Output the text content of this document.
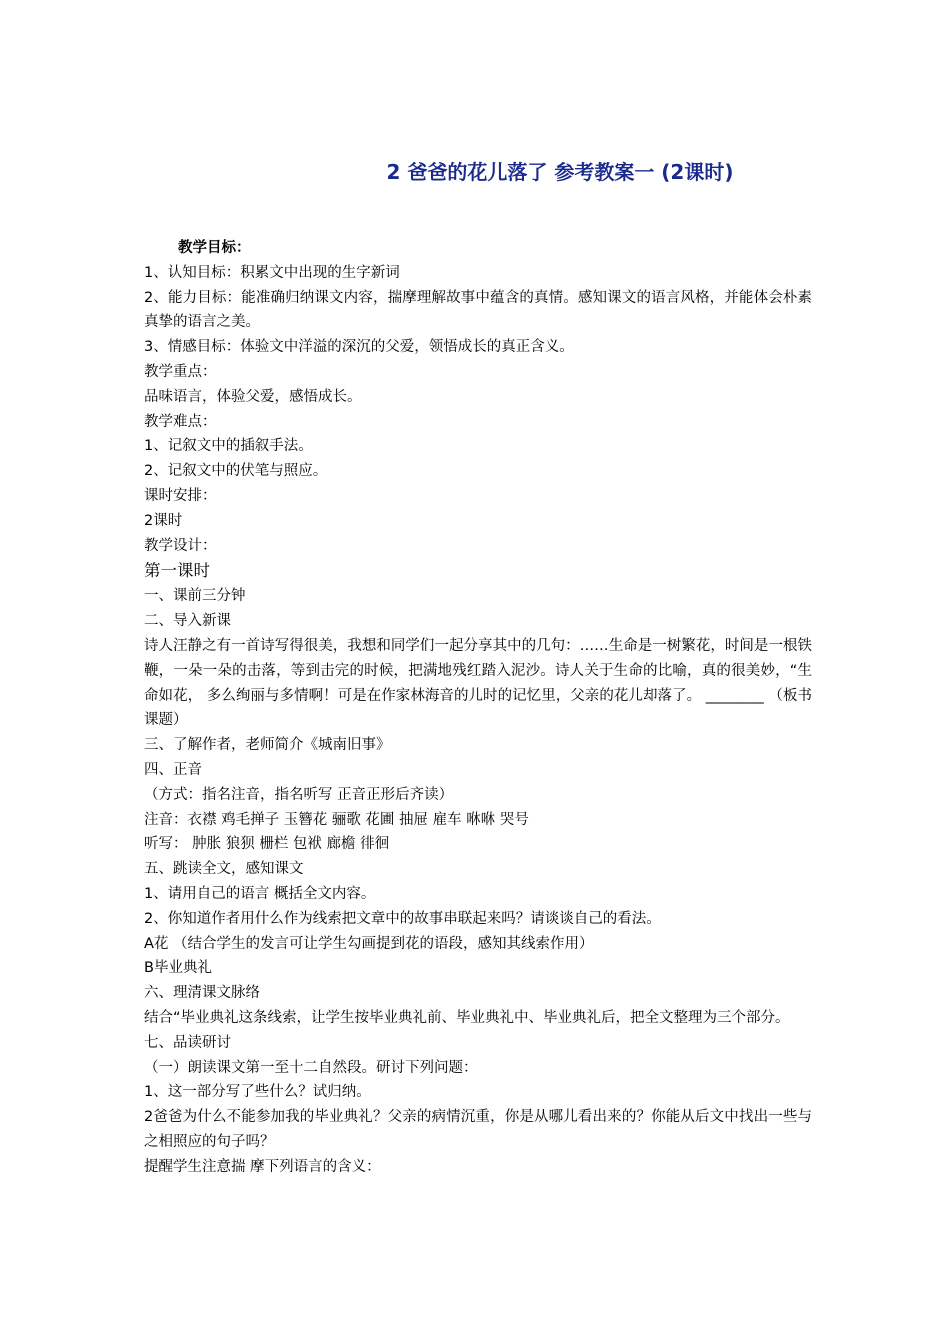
2 爸爸的花儿落了 参考教案一 (2课时)
教学目标：
1、认知目标：积累文中出现的生字新词
2、能力目标：能准确归纳课文内容，揣摩理解故事中蕴含的真情。感知课文的语言风格，并能体会朴素真挚的语言之美。
3、情感目标：体验文中洋溢的深沉的父爱，领悟成长的真正含义。
教学重点：
品味语言，体验父爱，感悟成长。
教学难点：
1、记叙文中的插叙手法。
2、记叙文中的伏笔与照应。
课时安排：
2课时
教学设计：
第一课时
一、课前三分钟
二、导入新课
诗人汪静之有一首诗写得很美，我想和同学们一起分享其中的几句：……生命是一树繁花，时间是一根铁鞭，一朵一朵的击落，等到击完的时候，把满地残红踏入泥沙。诗人关于生命的比喻，真的很美妙，“生命如花， 多么绚丽与多情啊！可是在作家林海音的儿时的记忆里，父亲的花儿却落了。 ________ （板书课题）
三、了解作者，老师简介《城南旧事》
四、正音
（方式：指名注音，指名听写 正音正形后齐读）
注音：衣襟 鸡毛掸子 玉簪花 骊歌 花圃 抽屉 雇车 咻咻 哭号
听写： 肿胀 狼狈 栅栏 包袱 廊檐 徘徊
五、跳读全文，感知课文
1、请用自己的语言 概括全文内容。
2、你知道作者用什么作为线索把文章中的故事串联起来吗？请谈谈自己的看法。
A花 （结合学生的发言可让学生勾画提到花的语段，感知其线索作用）
B毕业典礼
六、理清课文脉络
结合“毕业典礼这条线索，让学生按毕业典礼前、毕业典礼中、毕业典礼后，把全文整理为三个部分。
七、品读研讨
（一）朗读课文第一至十二自然段。研讨下列问题：
1、这一部分写了些什么？试归纳。
2爸爸为什么不能参加我的毕业典礼？父亲的病情沉重，你是从哪儿看出来的？你能从后文中找出一些与之相照应的句子吗？
提醒学生注意揣 摩下列语言的含义：
